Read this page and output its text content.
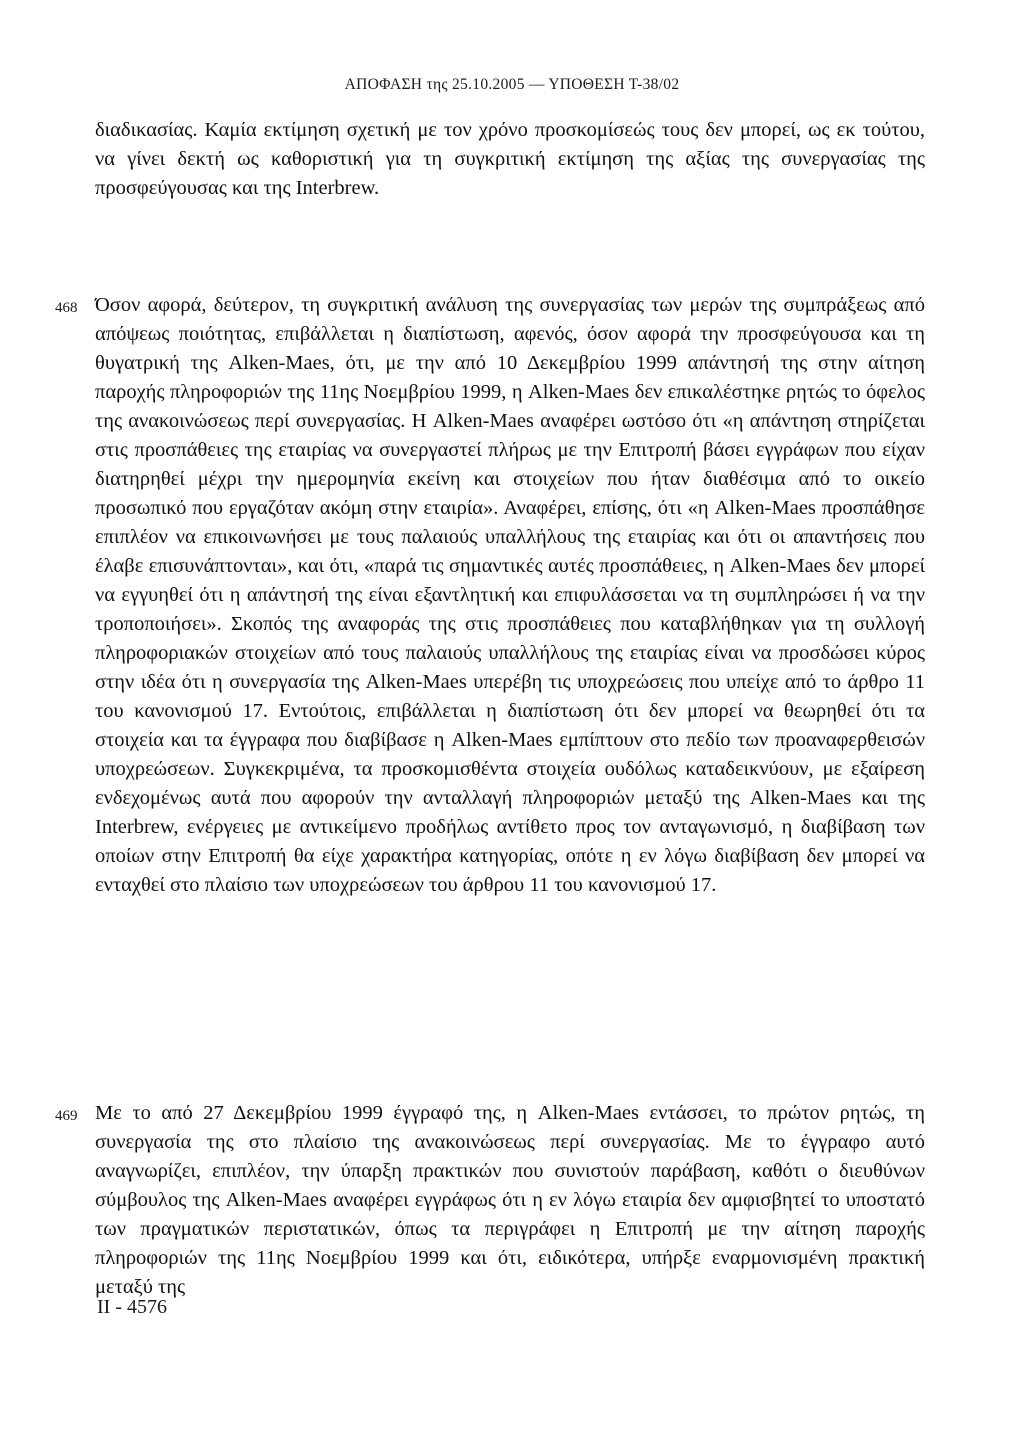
ΑΠΟΦΑΣΗ της 25.10.2005 — ΥΠΟΘΕΣΗ Τ-38/02
διαδικασίας. Καμία εκτίμηση σχετική με τον χρόνο προσκομίσεώς τους δεν μπορεί, ως εκ τούτου, να γίνει δεκτή ως καθοριστική για τη συγκριτική εκτίμηση της αξίας της συνεργασίας της προσφεύγουσας και της Interbrew.
468 Όσον αφορά, δεύτερον, τη συγκριτική ανάλυση της συνεργασίας των μερών της συμπράξεως από απόψεως ποιότητας, επιβάλλεται η διαπίστωση, αφενός, όσον αφορά την προσφεύγουσα και τη θυγατρική της Alken-Maes, ότι, με την από 10 Δεκεμβρίου 1999 απάντησή της στην αίτηση παροχής πληροφοριών της 11ης Νοεμβρίου 1999, η Alken-Maes δεν επικαλέστηκε ρητώς το όφελος της ανακοινώσεως περί συνεργασίας. Η Alken-Maes αναφέρει ωστόσο ότι «η απάντηση στηρίζεται στις προσπάθειες της εταιρίας να συνεργαστεί πλήρως με την Επιτροπή βάσει εγγράφων που είχαν διατηρηθεί μέχρι την ημερομηνία εκείνη και στοιχείων που ήταν διαθέσιμα από το οικείο προσωπικό που εργαζόταν ακόμη στην εταιρία». Αναφέρει, επίσης, ότι «η Alken-Maes προσπάθησε επιπλέον να επικοινωνήσει με τους παλαιούς υπαλλήλους της εταιρίας και ότι οι απαντήσεις που έλαβε επισυνάπτονται», και ότι, «παρά τις σημαντικές αυτές προσπάθειες, η Alken-Maes δεν μπορεί να εγγυηθεί ότι η απάντησή της είναι εξαντλητική και επιφυλάσσεται να τη συμπληρώσει ή να την τροποποιήσει». Σκοπός της αναφοράς της στις προσπάθειες που καταβλήθηκαν για τη συλλογή πληροφοριακών στοιχείων από τους παλαιούς υπαλλήλους της εταιρίας είναι να προσδώσει κύρος στην ιδέα ότι η συνεργασία της Alken-Maes υπερέβη τις υποχρεώσεις που υπείχε από το άρθρο 11 του κανονισμού 17. Εντούτοις, επιβάλλεται η διαπίστωση ότι δεν μπορεί να θεωρηθεί ότι τα στοιχεία και τα έγγραφα που διαβίβασε η Alken-Maes εμπίπτουν στο πεδίο των προαναφερθεισών υποχρεώσεων. Συγκεκριμένα, τα προσκομισθέντα στοιχεία ουδόλως καταδεικνύουν, με εξαίρεση ενδεχομένως αυτά που αφορούν την ανταλλαγή πληροφοριών μεταξύ της Alken-Maes και της Interbrew, ενέργειες με αντικείμενο προδήλως αντίθετο προς τον ανταγωνισμό, η διαβίβαση των οποίων στην Επιτροπή θα είχε χαρακτήρα κατηγορίας, οπότε η εν λόγω διαβίβαση δεν μπορεί να ενταχθεί στο πλαίσιο των υποχρεώσεων του άρθρου 11 του κανονισμού 17.
469 Με το από 27 Δεκεμβρίου 1999 έγγραφό της, η Alken-Maes εντάσσει, το πρώτον ρητώς, τη συνεργασία της στο πλαίσιο της ανακοινώσεως περί συνεργασίας. Με το έγγραφο αυτό αναγνωρίζει, επιπλέον, την ύπαρξη πρακτικών που συνιστούν παράβαση, καθότι ο διευθύνων σύμβουλος της Alken-Maes αναφέρει εγγράφως ότι η εν λόγω εταιρία δεν αμφισβητεί το υποστατό των πραγματικών περιστατικών, όπως τα περιγράφει η Επιτροπή με την αίτηση παροχής πληροφοριών της 11ης Νοεμβρίου 1999 και ότι, ειδικότερα, υπήρξε εναρμονισμένη πρακτική μεταξύ της
II - 4576
